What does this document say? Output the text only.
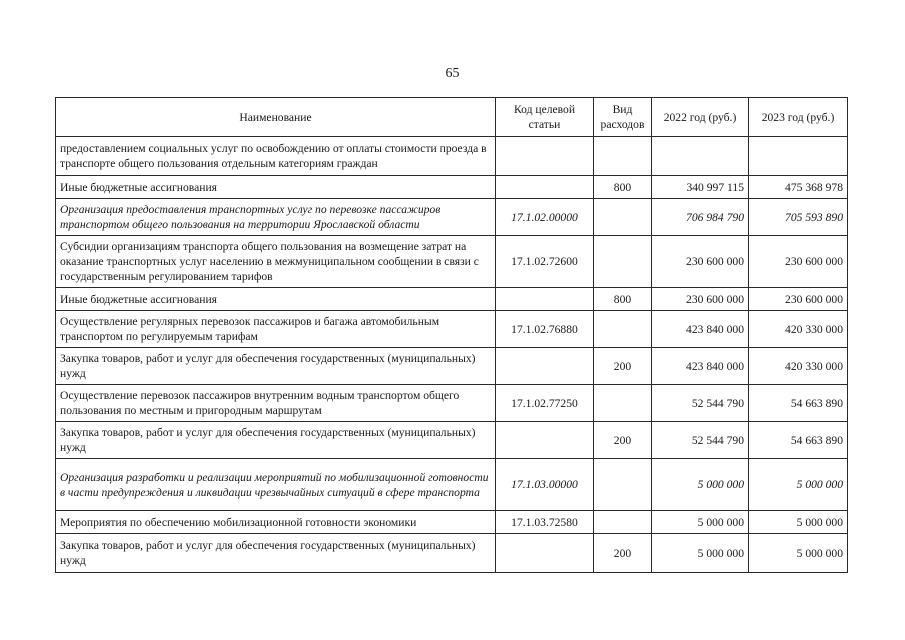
65
Наименование	Код целевой статьи	Вид расходов	2022 год (руб.)	2023 год (руб.)
предоставлением социальных услуг по освобождению от оплаты стоимости проезда в транспорте общего пользования отдельным категориям граждан				
Иные бюджетные ассигнования		800	340 997 115	475 368 978
Организация предоставления транспортных услуг по перевозке пассажиров транспортом общего пользования на территории Ярославской области	17.1.02.00000		706 984 790	705 593 890
Субсидии организациям транспорта общего пользования на возмещение затрат на оказание транспортных услуг населению в межмуниципальном сообщении в связи с государственным регулированием тарифов	17.1.02.72600		230 600 000	230 600 000
Иные бюджетные ассигнования		800	230 600 000	230 600 000
Осуществление регулярных перевозок пассажиров и багажа автомобильным транспортом по регулируемым тарифам	17.1.02.76880		423 840 000	420 330 000
Закупка товаров, работ и услуг для обеспечения государственных (муниципальных) нужд		200	423 840 000	420 330 000
Осуществление перевозок пассажиров внутренним водным транспортом общего пользования по местным и пригородным маршрутам	17.1.02.77250		52 544 790	54 663 890
Закупка товаров, работ и услуг для обеспечения государственных (муниципальных) нужд		200	52 544 790	54 663 890
Организация разработки и реализации мероприятий по мобилизационной готовности в части предупреждения и ликвидации чрезвычайных ситуаций в сфере транспорта	17.1.03.00000		5 000 000	5 000 000
Мероприятия по обеспечению мобилизационной готовности экономики	17.1.03.72580		5 000 000	5 000 000
Закупка товаров, работ и услуг для обеспечения государственных (муниципальных) нужд		200	5 000 000	5 000 000
